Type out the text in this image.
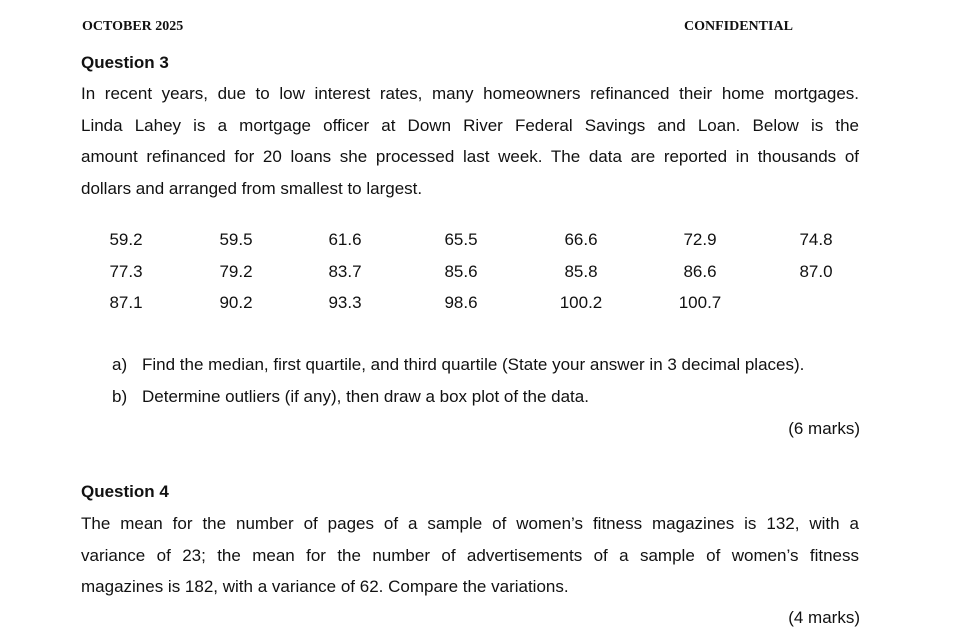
OCTOBER 2025	CONFIDENTIAL
Question 3
In recent years, due to low interest rates, many homeowners refinanced their home mortgages.
Linda Lahey is a mortgage officer at Down River Federal Savings and Loan. Below is the
amount refinanced for 20 loans she processed last week. The data are reported in thousands of
dollars and arranged from smallest to largest.
59.2	59.5	61.6	65.5	66.6	72.9	74.8
77.3	79.2	83.7	85.6	85.8	86.6	87.0
87.1	90.2	93.3	98.6	100.2	100.7
a) Find the median, first quartile, and third quartile (State your answer in 3 decimal places).
b) Determine outliers (if any), then draw a box plot of the data.
(6 marks)
Question 4
The mean for the number of pages of a sample of women’s fitness magazines is 132, with a
variance of 23; the mean for the number of advertisements of a sample of women’s fitness
magazines is 182, with a variance of 62. Compare the variations.
(4 marks)
